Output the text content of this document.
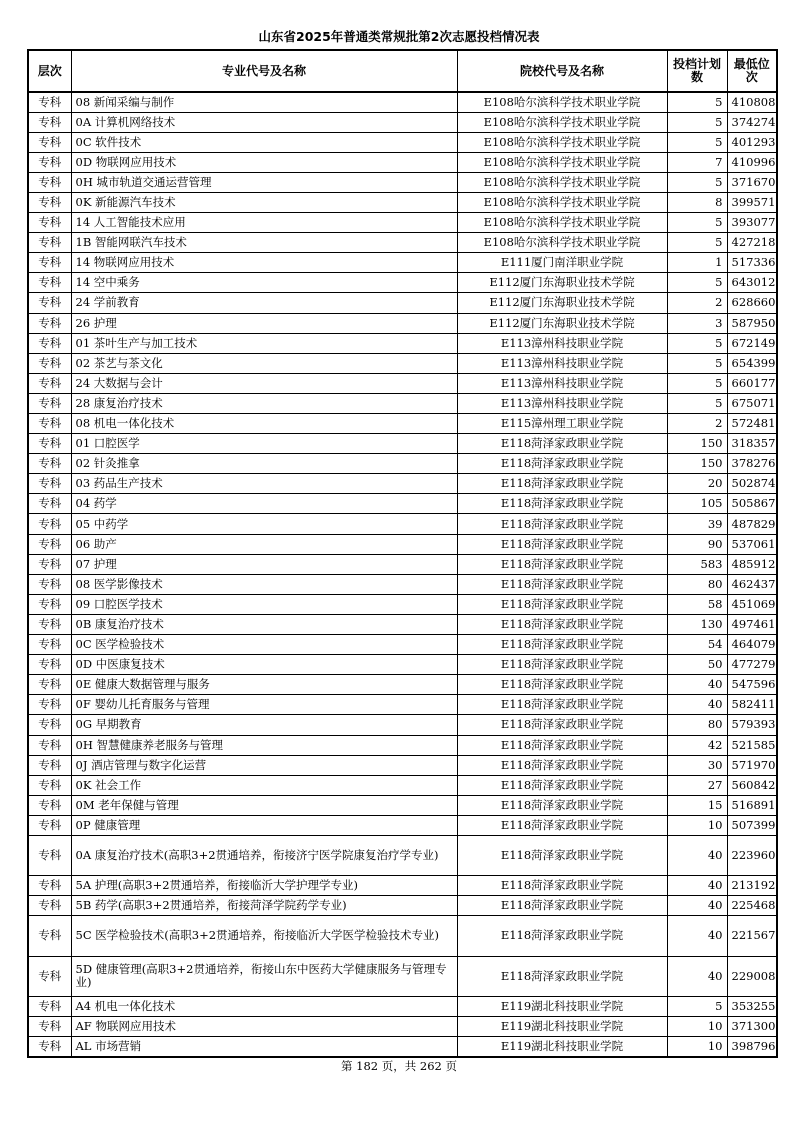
山东省2025年普通类常规批第2次志愿投档情况表
层次	专业代号及名称	院校代号及名称	投档计划数	最低位次
专科	08 新闻采编与制作	E108哈尔滨科学技术职业学院	5	410808
专科	0A 计算机网络技术	E108哈尔滨科学技术职业学院	5	374274
专科	0C 软件技术	E108哈尔滨科学技术职业学院	5	401293
专科	0D 物联网应用技术	E108哈尔滨科学技术职业学院	7	410996
专科	0H 城市轨道交通运营管理	E108哈尔滨科学技术职业学院	5	371670
专科	0K 新能源汽车技术	E108哈尔滨科学技术职业学院	8	399571
专科	14 人工智能技术应用	E108哈尔滨科学技术职业学院	5	393077
专科	1B 智能网联汽车技术	E108哈尔滨科学技术职业学院	5	427218
专科	14 物联网应用技术	E111厦门南洋职业学院	1	517336
专科	14 空中乘务	E112厦门东海职业技术学院	5	643012
专科	24 学前教育	E112厦门东海职业技术学院	2	628660
专科	26 护理	E112厦门东海职业技术学院	3	587950
专科	01 茶叶生产与加工技术	E113漳州科技职业学院	5	672149
专科	02 茶艺与茶文化	E113漳州科技职业学院	5	654399
专科	24 大数据与会计	E113漳州科技职业学院	5	660177
专科	28 康复治疗技术	E113漳州科技职业学院	5	675071
专科	08 机电一体化技术	E115漳州理工职业学院	2	572481
专科	01 口腔医学	E118菏泽家政职业学院	150	318357
专科	02 针灸推拿	E118菏泽家政职业学院	150	378276
专科	03 药品生产技术	E118菏泽家政职业学院	20	502874
专科	04 药学	E118菏泽家政职业学院	105	505867
专科	05 中药学	E118菏泽家政职业学院	39	487829
专科	06 助产	E118菏泽家政职业学院	90	537061
专科	07 护理	E118菏泽家政职业学院	583	485912
专科	08 医学影像技术	E118菏泽家政职业学院	80	462437
专科	09 口腔医学技术	E118菏泽家政职业学院	58	451069
专科	0B 康复治疗技术	E118菏泽家政职业学院	130	497461
专科	0C 医学检验技术	E118菏泽家政职业学院	54	464079
专科	0D 中医康复技术	E118菏泽家政职业学院	50	477279
专科	0E 健康大数据管理与服务	E118菏泽家政职业学院	40	547596
专科	0F 婴幼儿托育服务与管理	E118菏泽家政职业学院	40	582411
专科	0G 早期教育	E118菏泽家政职业学院	80	579393
专科	0H 智慧健康养老服务与管理	E118菏泽家政职业学院	42	521585
专科	0J 酒店管理与数字化运营	E118菏泽家政职业学院	30	571970
专科	0K 社会工作	E118菏泽家政职业学院	27	560842
专科	0M 老年保健与管理	E118菏泽家政职业学院	15	516891
专科	0P 健康管理	E118菏泽家政职业学院	10	507399
专科	0A 康复治疗技术(高职3+2贯通培养，衔接济宁医学院康复治疗学专业)	E118菏泽家政职业学院	40	223960
专科	5A 护理(高职3+2贯通培养，衔接临沂大学护理学专业)	E118菏泽家政职业学院	40	213192
专科	5B 药学(高职3+2贯通培养，衔接菏泽学院药学专业)	E118菏泽家政职业学院	40	225468
专科	5C 医学检验技术(高职3+2贯通培养，衔接临沂大学医学检验技术专业)	E118菏泽家政职业学院	40	221567
专科	5D 健康管理(高职3+2贯通培养，衔接山东中医药大学健康服务与管理专业)	E118菏泽家政职业学院	40	229008
专科	A4 机电一体化技术	E119湖北科技职业学院	5	353255
专科	AF 物联网应用技术	E119湖北科技职业学院	10	371300
专科	AL 市场营销	E119湖北科技职业学院	10	398796
第 182 页，共 262 页
